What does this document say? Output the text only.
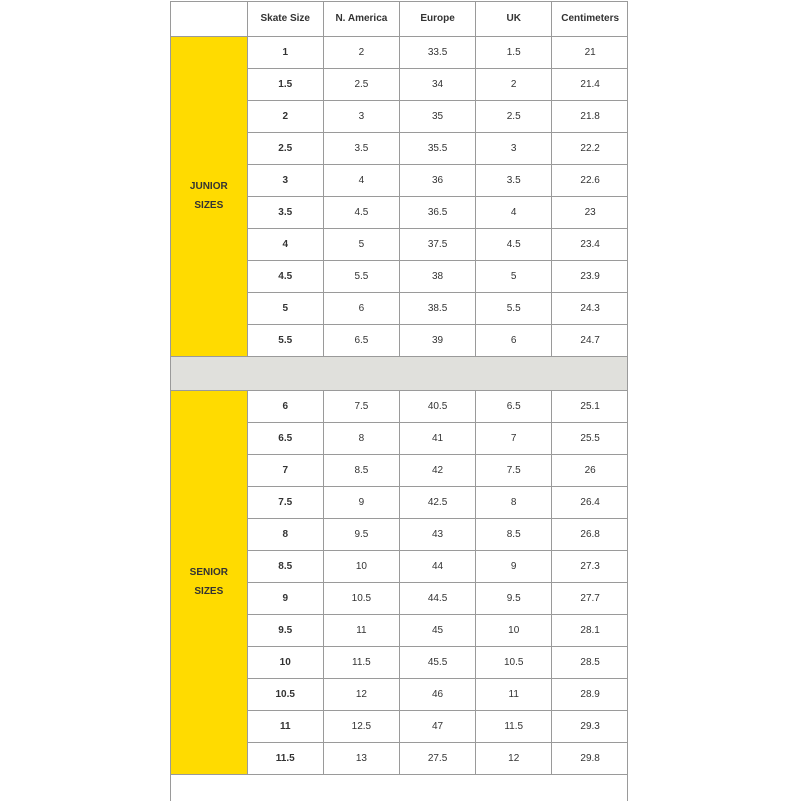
	Skate Size	N. America	Europe	UK	Centimeters

JUNIOR
SIZES	1	2	33.5	1.5	21
	1.5	2.5	34	2	21.4
	2	3	35	2.5	21.8
	2.5	3.5	35.5	3	22.2
	3	4	36	3.5	22.6
	3.5	4.5	36.5	4	23
	4	5	37.5	4.5	23.4
	4.5	5.5	38	5	23.9
	5	6	38.5	5.5	24.3
	5.5	6.5	39	6	24.7

SENIOR
SIZES	6	7.5	40.5	6.5	25.1
	6.5	8	41	7	25.5
	7	8.5	42	7.5	26
	7.5	9	42.5	8	26.4
	8	9.5	43	8.5	26.8
	8.5	10	44	9	27.3
	9	10.5	44.5	9.5	27.7
	9.5	11	45	10	28.1
	10	11.5	45.5	10.5	28.5
	10.5	12	46	11	28.9
	11	12.5	47	11.5	29.3
	11.5	13	27.5	12	29.8
